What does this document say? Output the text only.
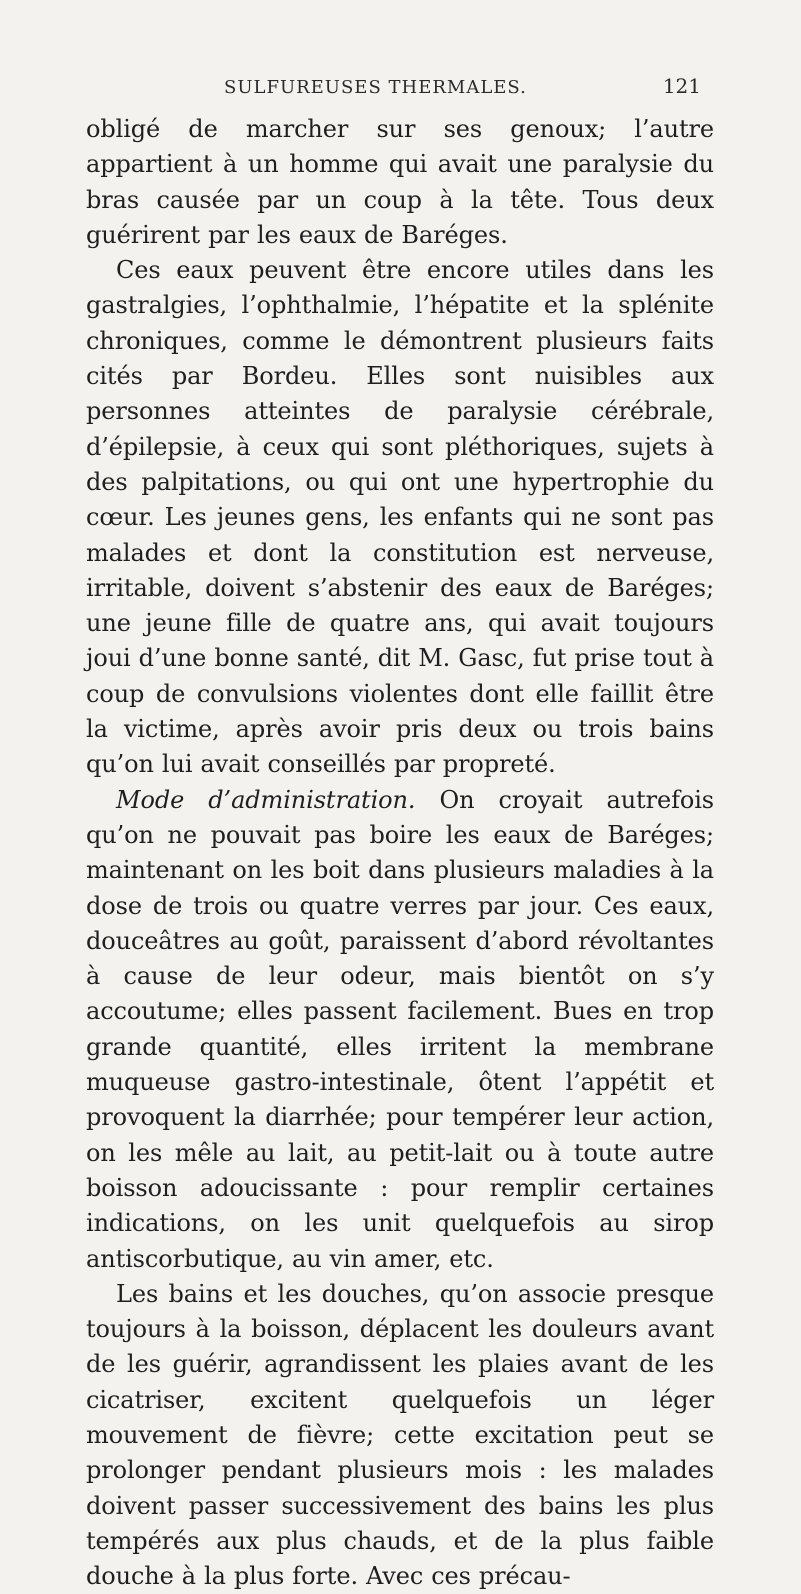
SULFUREUSES THERMALES.	121

obligé de marcher sur ses genoux; l’autre appartient à un homme qui avait une paralysie du bras causée par un coup à la tête. Tous deux guérirent par les eaux de Baréges.

Ces eaux peuvent être encore utiles dans les gastralgies, l’ophthalmie, l’hépatite et la splénite chroniques, comme le démontrent plusieurs faits cités par Bordeu. Elles sont nuisibles aux personnes atteintes de paralysie cérébrale, d’épilepsie, à ceux qui sont pléthoriques, sujets à des palpitations, ou qui ont une hypertrophie du cœur. Les jeunes gens, les enfants qui ne sont pas malades et dont la constitution est nerveuse, irritable, doivent s’abstenir des eaux de Baréges; une jeune fille de quatre ans, qui avait toujours joui d’une bonne santé, dit M. Gasc, fut prise tout à coup de convulsions violentes dont elle faillit être la victime, après avoir pris deux ou trois bains qu’on lui avait conseillés par propreté.

Mode d’administration. On croyait autrefois qu’on ne pouvait pas boire les eaux de Baréges; maintenant on les boit dans plusieurs maladies à la dose de trois ou quatre verres par jour. Ces eaux, douceâtres au goût, paraissent d’abord révoltantes à cause de leur odeur, mais bientôt on s’y accoutume; elles passent facilement. Bues en trop grande quantité, elles irritent la membrane muqueuse gastro-intestinale, ôtent l’appétit et provoquent la diarrhée; pour tempérer leur action, on les mêle au lait, au petit-lait ou à toute autre boisson adoucissante : pour remplir certaines indications, on les unit quelquefois au sirop antiscorbutique, au vin amer, etc.

Les bains et les douches, qu’on associe presque toujours à la boisson, déplacent les douleurs avant de les guérir, agrandissent les plaies avant de les cicatriser, excitent quelquefois un léger mouvement de fièvre; cette excitation peut se prolonger pendant plusieurs mois : les malades doivent passer successivement des bains les plus tempérés aux plus chauds, et de la plus faible douche à la plus forte. Avec ces précau-
